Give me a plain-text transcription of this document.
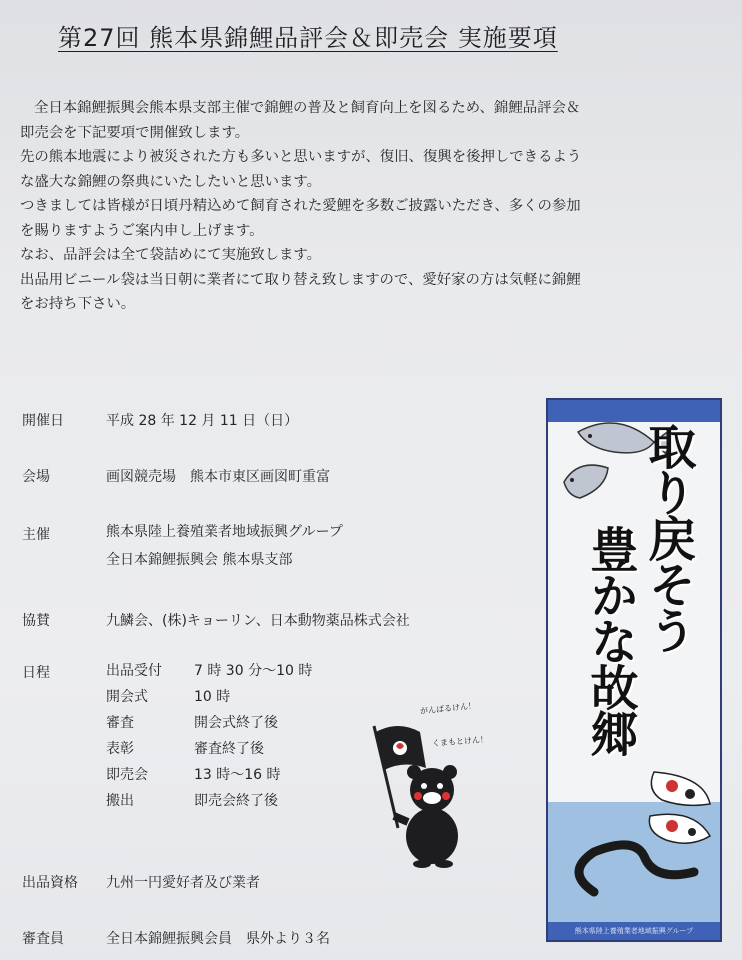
第27回 熊本県錦鯉品評会＆即売会 実施要項

全日本錦鯉振興会熊本県支部主催で錦鯉の普及と飼育向上を図るため、錦鯉品評会＆

即売会を下記要項で開催致します。

先の熊本地震により被災された方も多いと思いますが、復旧、復興を後押しできるよう

な盛大な錦鯉の祭典にいたしたいと思います。

つきましては皆様が日頃丹精込めて飼育された愛鯉を多数ご披露いただき、多くの参加

を賜りますようご案内申し上げます。

なお、品評会は全て袋詰めにて実施致します。

出品用ビニール袋は当日朝に業者にて取り替え致しますので、愛好家の方は気軽に錦鯉

をお持ち下さい。

開催日	平成 28 年 12 月 11 日（日）
会場	画図競売場　熊本市東区画図町重富
主催	熊本県陸上養殖業者地域振興グループ
全日本錦鯉振興会 熊本県支部
協賛	九鱗会、(株)キョーリン、日本動物薬品株式会社
日程	出品受付 7 時 30 分～10 時
開会式	10 時
審査	開会式終了後
表彰	審査終了後
即売会	13 時～16 時
搬出	即売会終了後
出品資格 九州一円愛好者及び業者
審査員	全日本錦鯉振興会員　県外より３名
がんばるけん！
くまもとけん！
取り戻そう
豊かな故郷
熊本県陸上養殖業者地域振興グループ
